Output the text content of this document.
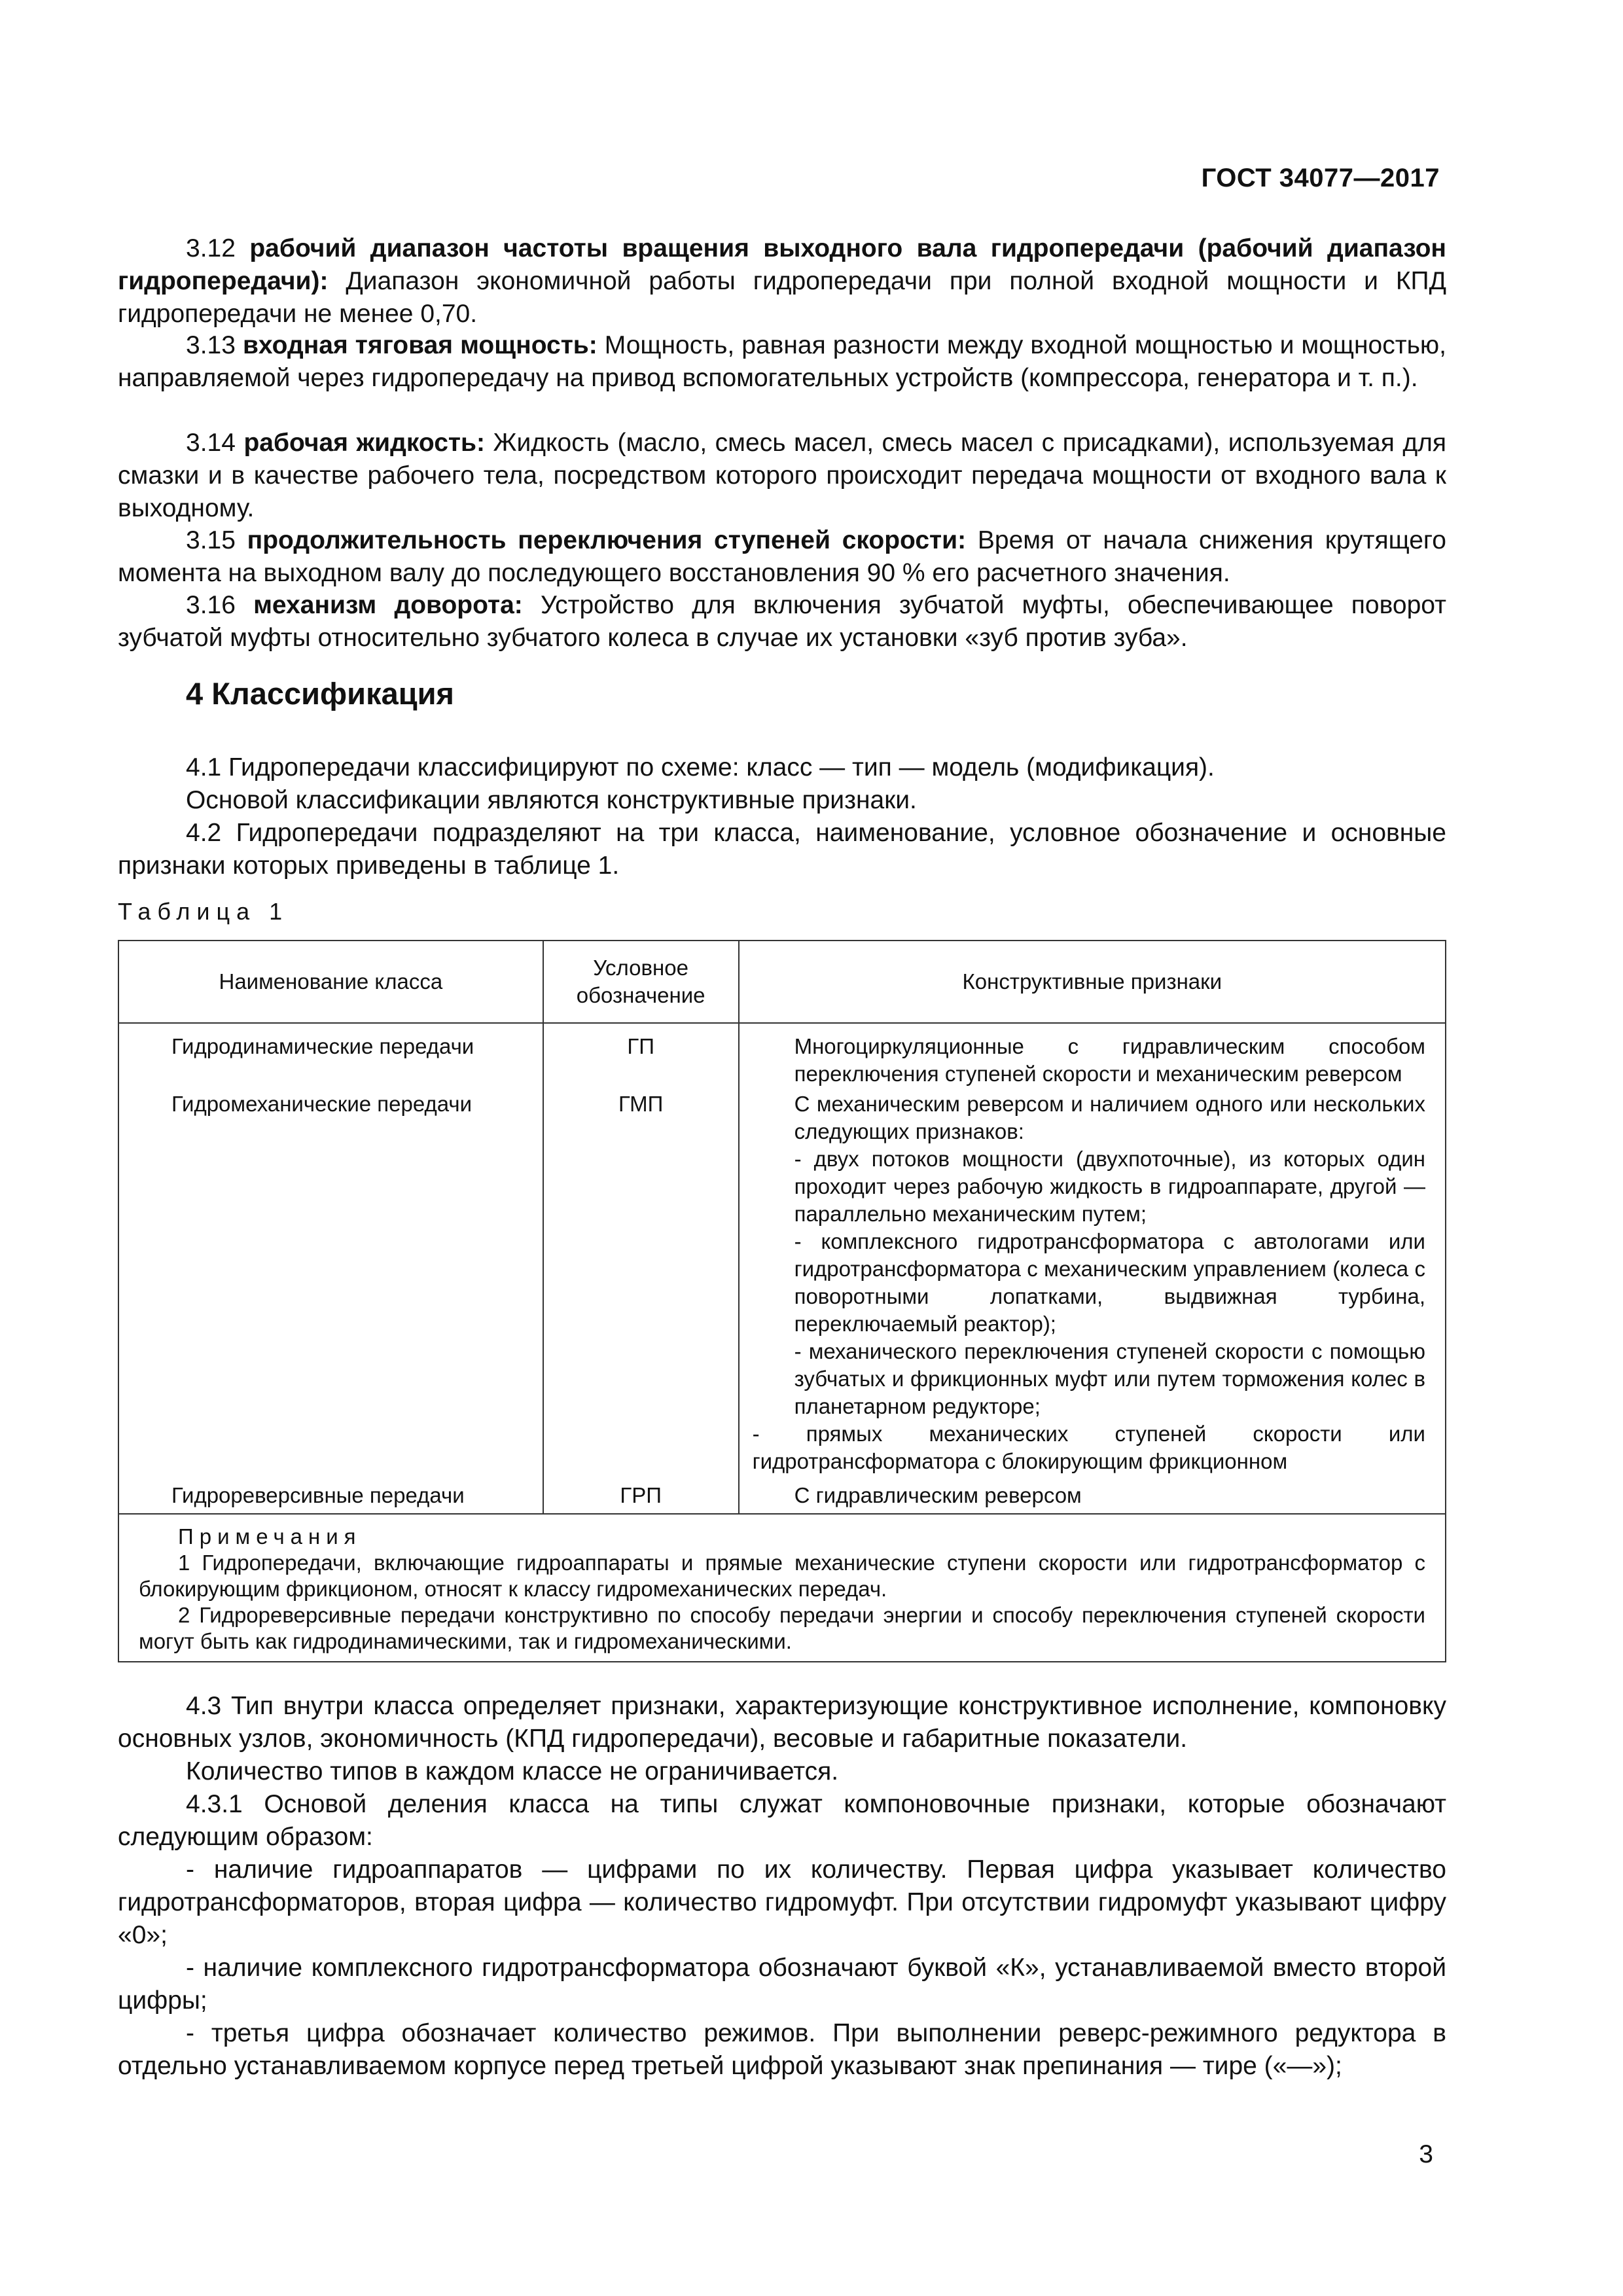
ГОСТ 34077—2017
3.12 рабочий диапазон частоты вращения выходного вала гидропередачи (рабочий диапазон гидропередачи): Диапазон экономичной работы гидропередачи при полной входной мощности и КПД гидропередачи не менее 0,70.
3.13 входная тяговая мощность: Мощность, равная разности между входной мощностью и мощностью, направляемой через гидропередачу на привод вспомогательных устройств (компрессора, генератора и т. п.).
3.14 рабочая жидкость: Жидкость (масло, смесь масел, смесь масел с присадками), используемая для смазки и в качестве рабочего тела, посредством которого происходит передача мощности от входного вала к выходному.
3.15 продолжительность переключения ступеней скорости: Время от начала снижения крутящего момента на выходном валу до последующего восстановления 90 % его расчетного значения.
3.16 механизм доворота: Устройство для включения зубчатой муфты, обеспечивающее поворот зубчатой муфты относительно зубчатого колеса в случае их установки «зуб против зуба».
4 Классификация
4.1 Гидропередачи классифицируют по схеме: класс — тип — модель (модификация).
Основой классификации являются конструктивные признаки.
4.2 Гидропередачи подразделяют на три класса, наименование, условное обозначение и основные признаки которых приведены в таблице 1.
Таблица 1
Наименование класса	Условное обозначение	Конструктивные признаки
Гидродинамические передачи	ГП	Многоциркуляционные с гидравлическим способом переключения ступеней скорости и механическим реверсом

Гидромеханические передачи	ГМП	С механическим реверсом и наличием одного или нескольких следующих признаков:
- двух потоков мощности (двухпоточные), из которых один проходит через рабочую жидкость в гидроаппарате, другой — параллельно механическим путем;
- комплексного гидротрансформатора с автологами или гидротрансформатора с механическим управлением (колеса с поворотными лопатками, выдвижная турбина, переключаемый реактор);
- механического переключения ступеней скорости с помощью зубчатых и фрикционных муфт или путем торможения колес в планетарном редукторе;
- прямых механических ступеней скорости или гидротрансформатора с блокирующим фрикционном

Гидрореверсивные передачи	ГРП	С гидравлическим реверсом

Примечания
1 Гидропередачи, включающие гидроаппараты и прямые механические ступени скорости или гидротрансформатор с блокирующим фрикционом, относят к классу гидромеханических передач.
2 Гидрореверсивные передачи конструктивно по способу передачи энергии и способу переключения ступеней скорости могут быть как гидродинамическими, так и гидромеханическими.		
4.3 Тип внутри класса определяет признаки, характеризующие конструктивное исполнение, компоновку основных узлов, экономичность (КПД гидропередачи), весовые и габаритные показатели.
Количество типов в каждом классе не ограничивается.
4.3.1 Основой деления класса на типы служат компоновочные признаки, которые обозначают следующим образом:
- наличие гидроаппаратов — цифрами по их количеству. Первая цифра указывает количество гидротрансформаторов, вторая цифра — количество гидромуфт. При отсутствии гидромуфт указывают цифру «0»;
- наличие комплексного гидротрансформатора обозначают буквой «К», устанавливаемой вместо второй цифры;
- третья цифра обозначает количество режимов. При выполнении реверс-режимного редуктора в отдельно устанавливаемом корпусе перед третьей цифрой указывают знак препинания — тире («—»);
3
